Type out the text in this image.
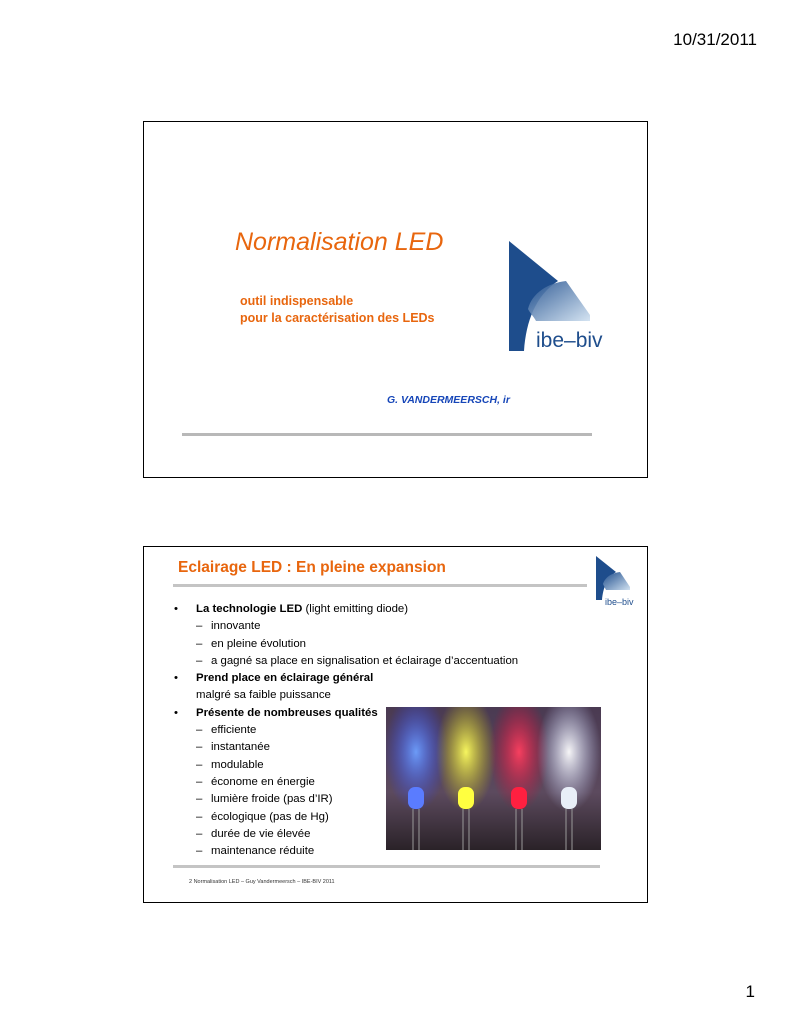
10/31/2011
Normalisation LED
outil indispensable
pour la caractérisation des LEDs
ibe–biv
G. VANDERMEERSCH, ir
Eclairage LED : En pleine expansion
ibe–biv
• La technologie LED (light emitting diode)
– innovante
– en pleine évolution
– a gagné sa place en signalisation et éclairage d’accentuation
• Prend place en éclairage général
malgré sa faible puissance
• Présente de nombreuses qualités
– efficiente
– instantanée
– modulable
– économe en énergie
– lumière froide (pas d’IR)
– écologique (pas de Hg)
– durée de vie élevée
– maintenance réduite
2 Normalisation LED – Guy Vandermeersch – IBE-BIV 2011
1
